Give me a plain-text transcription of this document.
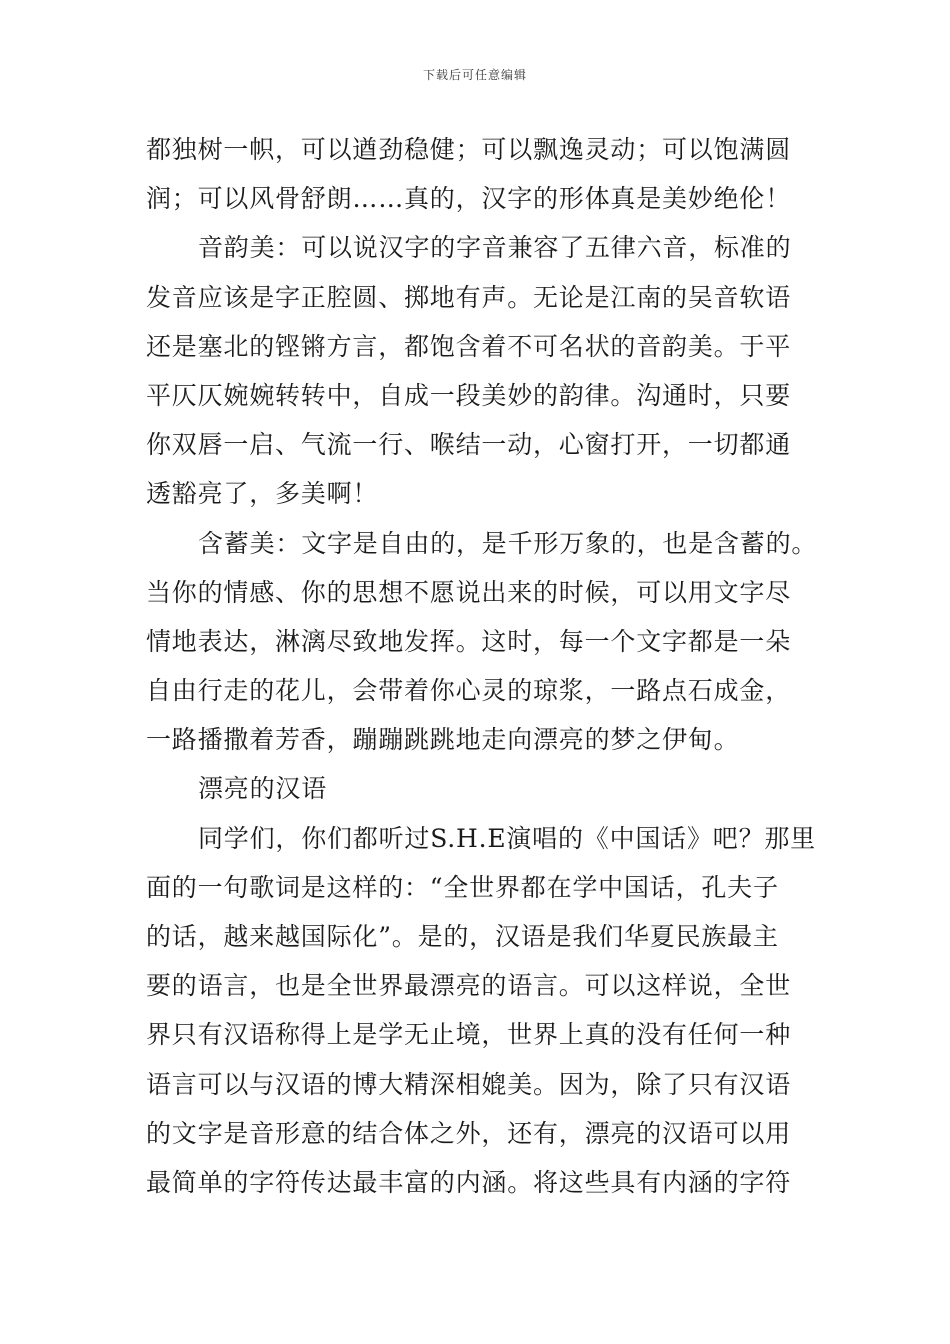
下载后可任意编辑
都独树一帜，可以遒劲稳健；可以飘逸灵动；可以饱满圆
润；可以风骨舒朗……真的，汉字的形体真是美妙绝伦！
音韵美：可以说汉字的字音兼容了五律六音，标准的
发音应该是字正腔圆、掷地有声。无论是江南的吴音软语
还是塞北的铿锵方言，都饱含着不可名状的音韵美。于平
平仄仄婉婉转转中，自成一段美妙的韵律。沟通时，只要
你双唇一启、气流一行、喉结一动，心窗打开，一切都通
透豁亮了，多美啊！
含蓄美：文字是自由的，是千形万象的，也是含蓄的。
当你的情感、你的思想不愿说出来的时候，可以用文字尽
情地表达，淋漓尽致地发挥。这时，每一个文字都是一朵
自由行走的花儿，会带着你心灵的琼浆，一路点石成金，
一路播撒着芳香，蹦蹦跳跳地走向漂亮的梦之伊甸。
漂亮的汉语
同学们，你们都听过S.H.E演唱的《中国话》吧？那里
面的一句歌词是这样的：“全世界都在学中国话，孔夫子
的话，越来越国际化”。是的，汉语是我们华夏民族最主
要的语言，也是全世界最漂亮的语言。可以这样说，全世
界只有汉语称得上是学无止境，世界上真的没有任何一种
语言可以与汉语的博大精深相媲美。因为，除了只有汉语
的文字是音形意的结合体之外，还有，漂亮的汉语可以用
最简单的字符传达最丰富的内涵。将这些具有内涵的字符
